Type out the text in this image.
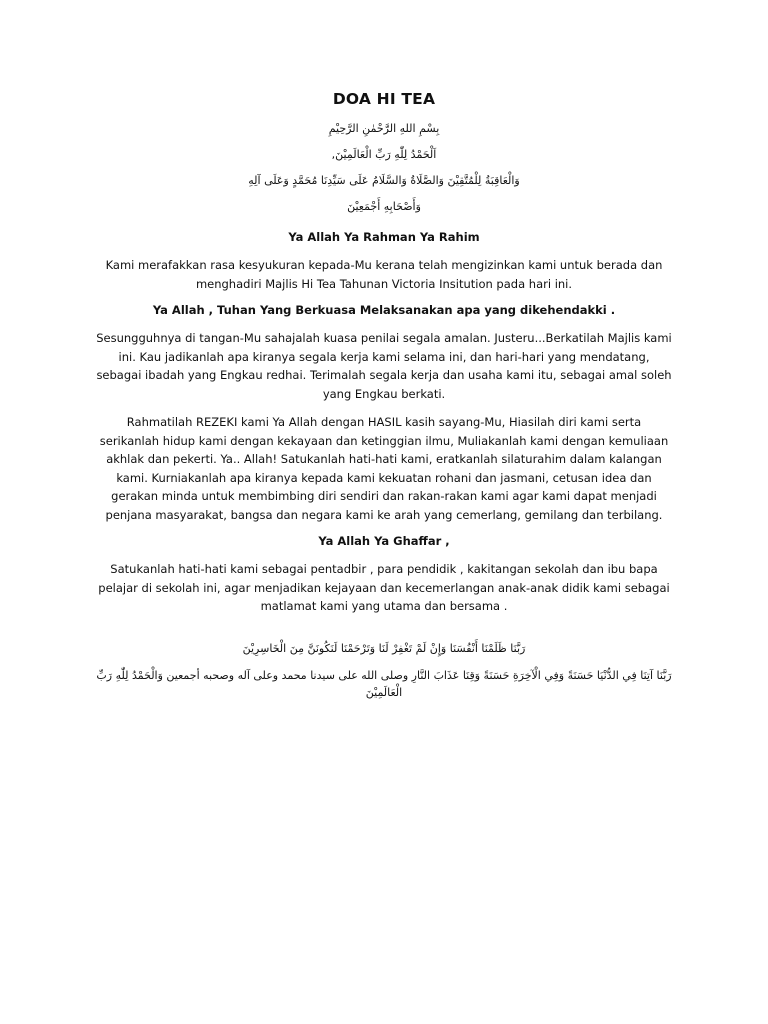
DOA HI TEA
بِسْمِ اللهِ الرَّحْمٰنِ الرَّحِيْمِ
اَلْحَمْدُ لِلّٰهِ رَبِّ الْعَالَمِيْنَ,
وَالْعَاقِبَةُ لِلْمُتَّقِيْنَ وَالصَّلَاةُ وَالسَّلَامُ عَلَى سَيِّدِنَا مُحَمَّدٍ وَعَلَى آلِهِ
وَأَصْحَابِهِ أَجْمَعِيْنَ
Ya Allah Ya Rahman Ya Rahim

Kami merafakkan rasa kesyukuran kepada-Mu kerana telah mengizinkan kami untuk berada dan menghadiri Majlis Hi Tea Tahunan Victoria Insitution pada hari ini.

Ya Allah , Tuhan Yang Berkuasa Melaksanakan apa yang dikehendakki .

Sesungguhnya di tangan-Mu sahajalah kuasa penilai segala amalan. Justeru...Berkatilah Majlis kami ini. Kau jadikanlah apa kiranya segala kerja kami selama ini, dan hari-hari yang mendatang, sebagai ibadah yang Engkau redhai. Terimalah segala kerja dan usaha kami itu, sebagai amal soleh yang Engkau berkati.

Rahmatilah REZEKI kami Ya Allah dengan HASIL kasih sayang-Mu, Hiasilah diri kami serta serikanlah hidup kami dengan kekayaan dan ketinggian ilmu, Muliakanlah kami dengan kemuliaan akhlak dan pekerti. Ya.. Allah! Satukanlah hati-hati kami, eratkanlah silaturahim dalam kalangan kami. Kurniakanlah apa kiranya kepada kami kekuatan rohani dan jasmani, cetusan idea dan gerakan minda untuk membimbing diri sendiri dan rakan-rakan kami agar kami dapat menjadi penjana masyarakat, bangsa dan negara kami ke arah yang cemerlang, gemilang dan terbilang.

Ya Allah Ya Ghaffar ,

Satukanlah hati-hati kami sebagai pentadbir , para pendidik , kakitangan sekolah dan ibu bapa pelajar di sekolah ini, agar menjadikan kejayaan dan kecemerlangan anak-anak didik kami sebagai matlamat kami yang utama dan bersama .

رَبَّنَا ظَلَمْنَا أَنْفُسَنَا وَإِنْ لَمْ تَغْفِرْ لَنَا وَتَرْحَمْنَا لَنَكُونَنَّ مِنَ الْخَاسِرِيْنَ
رَبَّنَا آتِنَا فِي الدُّنْيَا حَسَنَةً وَفِي الْآخِرَةِ حَسَنَةً وَقِنَا عَذَابَ النَّارِ وصلى الله على سيدنا محمد وعلى آله وصحبه أجمعين وَالْحَمْدُ لِلّٰهِ رَبِّ الْعَالَمِيْنَ
